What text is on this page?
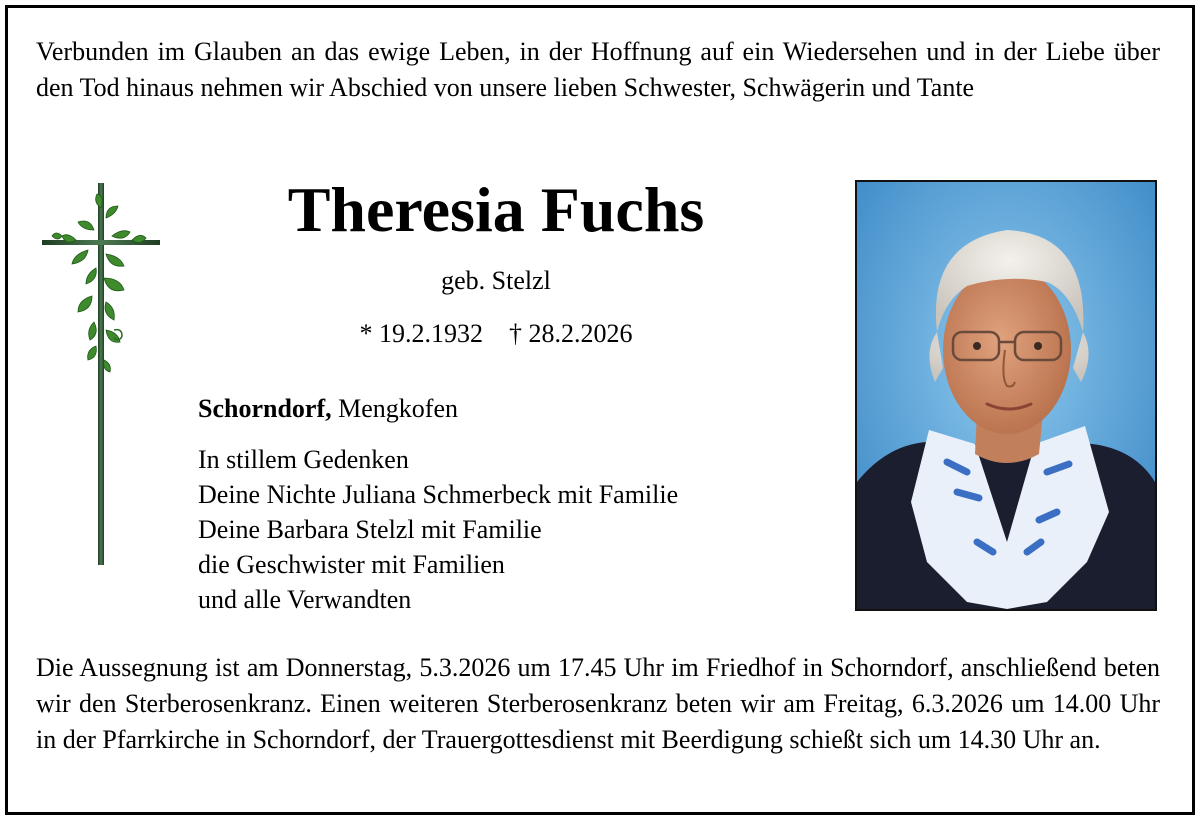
Verbunden im Glauben an das ewige Leben, in der Hoffnung auf ein Wiedersehen und in der Liebe über den Tod hinaus nehmen wir Abschied von unsere lieben Schwester, Schwägerin und Tante
Theresia Fuchs
geb. Stelzl
* 19.2.1932 † 28.2.2026
Schorndorf, Mengkofen
In stillem Gedenken
Deine Nichte Juliana Schmerbeck mit Familie
Deine Barbara Stelzl mit Familie
die Geschwister mit Familien
und alle Verwandten
Die Aussegnung ist am Donnerstag, 5.3.2026 um 17.45 Uhr im Friedhof in Schorndorf, anschließend beten wir den Sterberosenkranz. Einen weiteren Sterberosenkranz beten wir am Freitag, 6.3.2026 um 14.00 Uhr in der Pfarrkirche in Schorndorf, der Trauergottesdienst mit Beerdigung schießt sich um 14.30 Uhr an.
